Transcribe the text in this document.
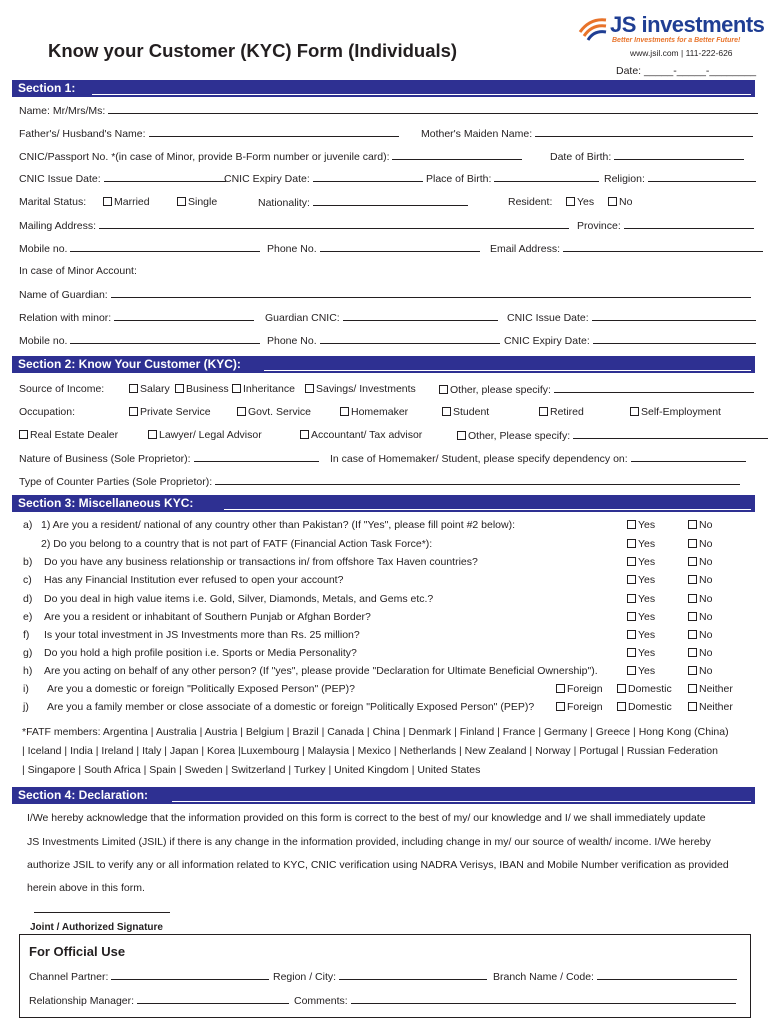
Know your Customer (KYC) Form (Individuals)
JS investments
Better Investments for a Better Future!
www.jsil.com | 111-222-626
Date: _____-_____-________
Section 1:
Name: Mr/Mrs/Ms:
Father's/ Husband's Name:	Mother's Maiden Name:
CNIC/Passport No. *(in case of Minor, provide B-Form number or juvenile card):	Date of Birth:
CNIC Issue Date:	CNIC Expiry Date:	Place of Birth:	Religion:
Marital Status:	Married	Single	Nationality:	Resident:	Yes	No
Mailing Address:	Province:
Mobile no.	Phone No.	Email Address:
In case of Minor Account:
Name of Guardian:
Relation with minor:	Guardian CNIC:	CNIC Issue Date:
Mobile no.	Phone No.	CNIC Expiry Date:
Section 2: Know Your Customer (KYC):
Source of Income:	Salary	Business	Inheritance	Savings/ Investments	Other, please specify:
Occupation:	Private Service	Govt. Service	Homemaker	Student	Retired	Self-Employment
Real Estate Dealer	Lawyer/ Legal Advisor	Accountant/ Tax advisor	Other, Please specify:
Nature of Business (Sole Proprietor):	In case of Homemaker/ Student, please specify dependency on:
Type of Counter Parties (Sole Proprietor):
Section 3: Miscellaneous KYC:
a) 1) Are you a resident/ national of any country other than Pakistan? (If "Yes", please fill point #2 below):	Yes	No
2) Do you belong to a country that is not part of FATF (Financial Action Task Force*):	Yes	No
b) Do you have any business relationship or transactions in/ from offshore Tax Haven countries?	Yes	No
c) Has any Financial Institution ever refused to open your account?	Yes	No
d) Do you deal in high value items i.e. Gold, Silver, Diamonds, Metals, and Gems etc.?	Yes	No
e) Are you a resident or inhabitant of Southern Punjab or Afghan Border?	Yes	No
f) Is your total investment in JS Investments more than Rs. 25 million?	Yes	No
g) Do you hold a high profile position i.e. Sports or Media Personality?	Yes	No
h) Are you acting on behalf of any other person? (If "yes", please provide "Declaration for Ultimate Beneficial Ownership").	Yes	No
i) Are you a domestic or foreign "Politically Exposed Person" (PEP)?	Foreign	Domestic	Neither
j) Are you a family member or close associate of a domestic or foreign "Politically Exposed Person" (PEP)?	Foreign	Domestic	Neither
*FATF members: Argentina | Australia | Austria | Belgium | Brazil | Canada | China | Denmark | Finland | France | Germany | Greece | Hong Kong (China)
| Iceland | India | Ireland | Italy | Japan | Korea |Luxembourg | Malaysia | Mexico | Netherlands | New Zealand | Norway | Portugal | Russian Federation
| Singapore | South Africa | Spain | Sweden | Switzerland | Turkey | United Kingdom | United States
Section 4: Declaration:
I/We hereby acknowledge that the information provided on this form is correct to the best of my/ our knowledge and I/ we shall immediately update
JS Investments Limited (JSIL) if there is any change in the information provided, including change in my/ our source of wealth/ income. I/We hereby
authorize JSIL to verify any or all information related to KYC, CNIC verification using NADRA Verisys, IBAN and Mobile Number verification as provided
herein above in this form.
Joint / Authorized Signature
For Official Use
Channel Partner:	Region / City:	Branch Name / Code:
Relationship Manager:	Comments:
